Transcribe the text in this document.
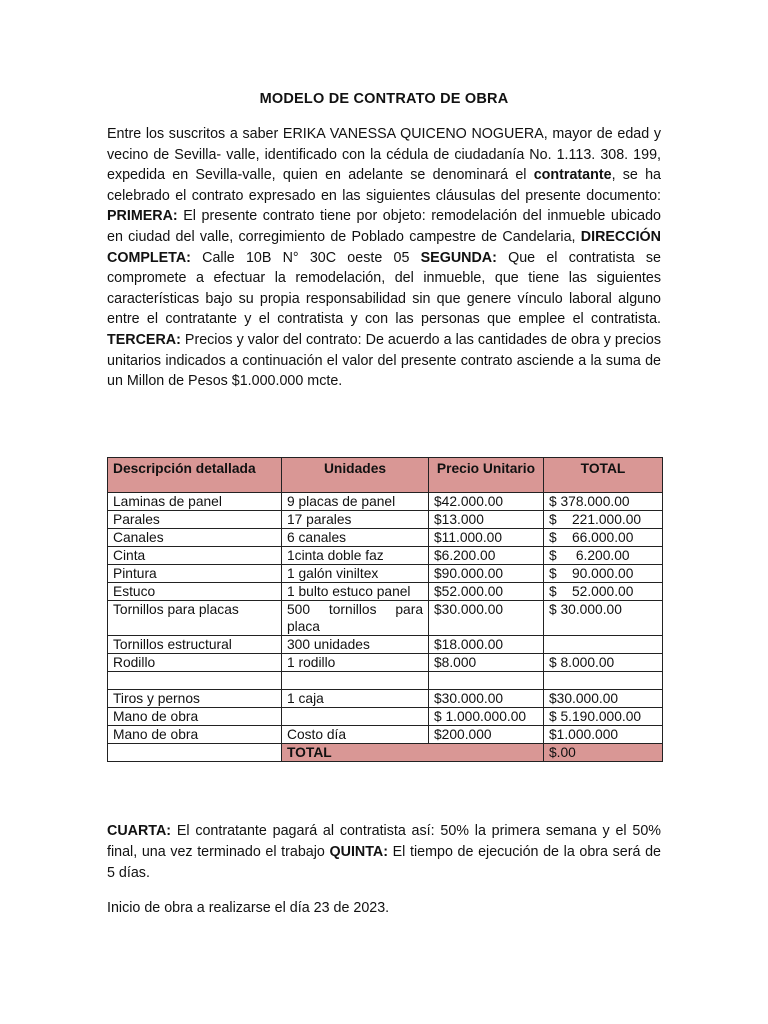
MODELO DE CONTRATO DE OBRA
Entre los suscritos a saber ERIKA VANESSA QUICENO NOGUERA, mayor de edad y vecino de Sevilla- valle, identificado con la cédula de ciudadanía No. 1.113. 308. 199, expedida en Sevilla-valle, quien en adelante se denominará el contratante, se ha celebrado el contrato expresado en las siguientes cláusulas del presente documento: PRIMERA: El presente contrato tiene por objeto: remodelación del inmueble ubicado en ciudad del valle, corregimiento de Poblado campestre de Candelaria, DIRECCIÓN COMPLETA: Calle 10B N° 30C oeste 05 SEGUNDA: Que el contratista se compromete a efectuar la remodelación, del inmueble, que tiene las siguientes características bajo su propia responsabilidad sin que genere vínculo laboral alguno entre el contratante y el contratista y con las personas que emplee el contratista. TERCERA: Precios y valor del contrato: De acuerdo a las cantidades de obra y precios unitarios indicados a continuación el valor del presente contrato asciende a la suma de un Millon de Pesos $1.000.000 mcte.
Descripción detallada	Unidades	Precio Unitario	TOTAL
Laminas de panel	9 placas de panel	$42.000.00	$ 378.000.00
Parales	17 parales	$13.000	$    221.000.00
Canales	6 canales	$11.000.00	$    66.000.00
Cinta	1cinta doble faz	$6.200.00	$     6.200.00
Pintura	1 galón viniltex	$90.000.00	$    90.000.00
Estuco	1 bulto estuco panel	$52.000.00	$    52.000.00
Tornillos para placas	500 tornillos para placa	$30.000.00	$ 30.000.00
Tornillos estructural	300 unidades	$18.000.00	
Rodillo	1 rodillo	$8.000	$ 8.000.00

Tiros y pernos	1 caja	$30.000.00	$30.000.00
Mano de obra		$ 1.000.000.00	$ 5.190.000.00
Mano de obra	Costo día	$200.000	$1.000.000
	TOTAL		$.00
CUARTA: El contratante pagará al contratista así: 50% la primera semana y el 50% final, una vez terminado el trabajo QUINTA: El tiempo de ejecución de la obra será de 5 días.
Inicio de obra a realizarse el día 23 de 2023.
